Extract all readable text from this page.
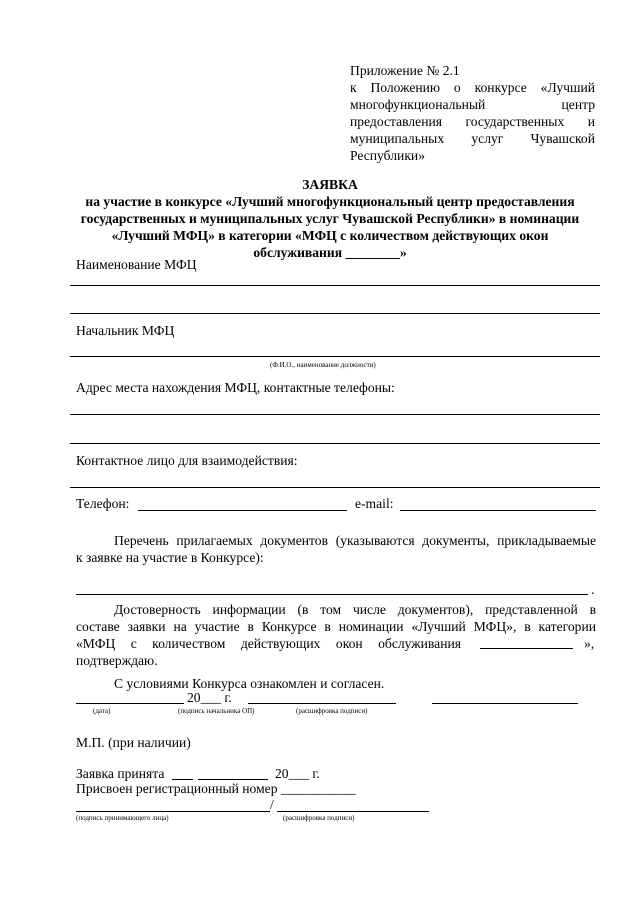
Приложение № 2.1
к Положению о конкурсе «Лучший
многофункциональный центр
предоставления государственных и
муниципальных услуг Чувашской
Республики»
ЗАЯВКА
на участие в конкурсе «Лучший многофункциональный центр предоставления
государственных и муниципальных услуг Чувашской Республики» в номинации
«Лучший МФЦ» в категории «МФЦ с количеством действующих окон
обслуживания ________»
Наименование МФЦ
Начальник МФЦ
(Ф.И.О., наименование должности)
Адрес места нахождения МФЦ, контактные телефоны:
Контактное лицо для взаимодействия:
Телефон:	e-mail:
Перечень прилагаемых документов (указываются документы, прикладываемые
к заявке на участие в Конкурсе):
.
Достоверность информации (в том числе документов), представленной в
составе заявки на участие в Конкурсе в номинации «Лучший МФЦ», в категории
«МФЦ с количеством действующих окон обслуживания	»,
подтверждаю.
С условиями Конкурса ознакомлен и согласен.
20___ г.
(дата)	(подпись начальника ОП)	(расшифровка подписи)
М.П. (при наличии)
Заявка принята	20___ г.
Присвоен регистрационный номер ___________
/
(подпись принимающего лица)	(расшифровка подписи)
